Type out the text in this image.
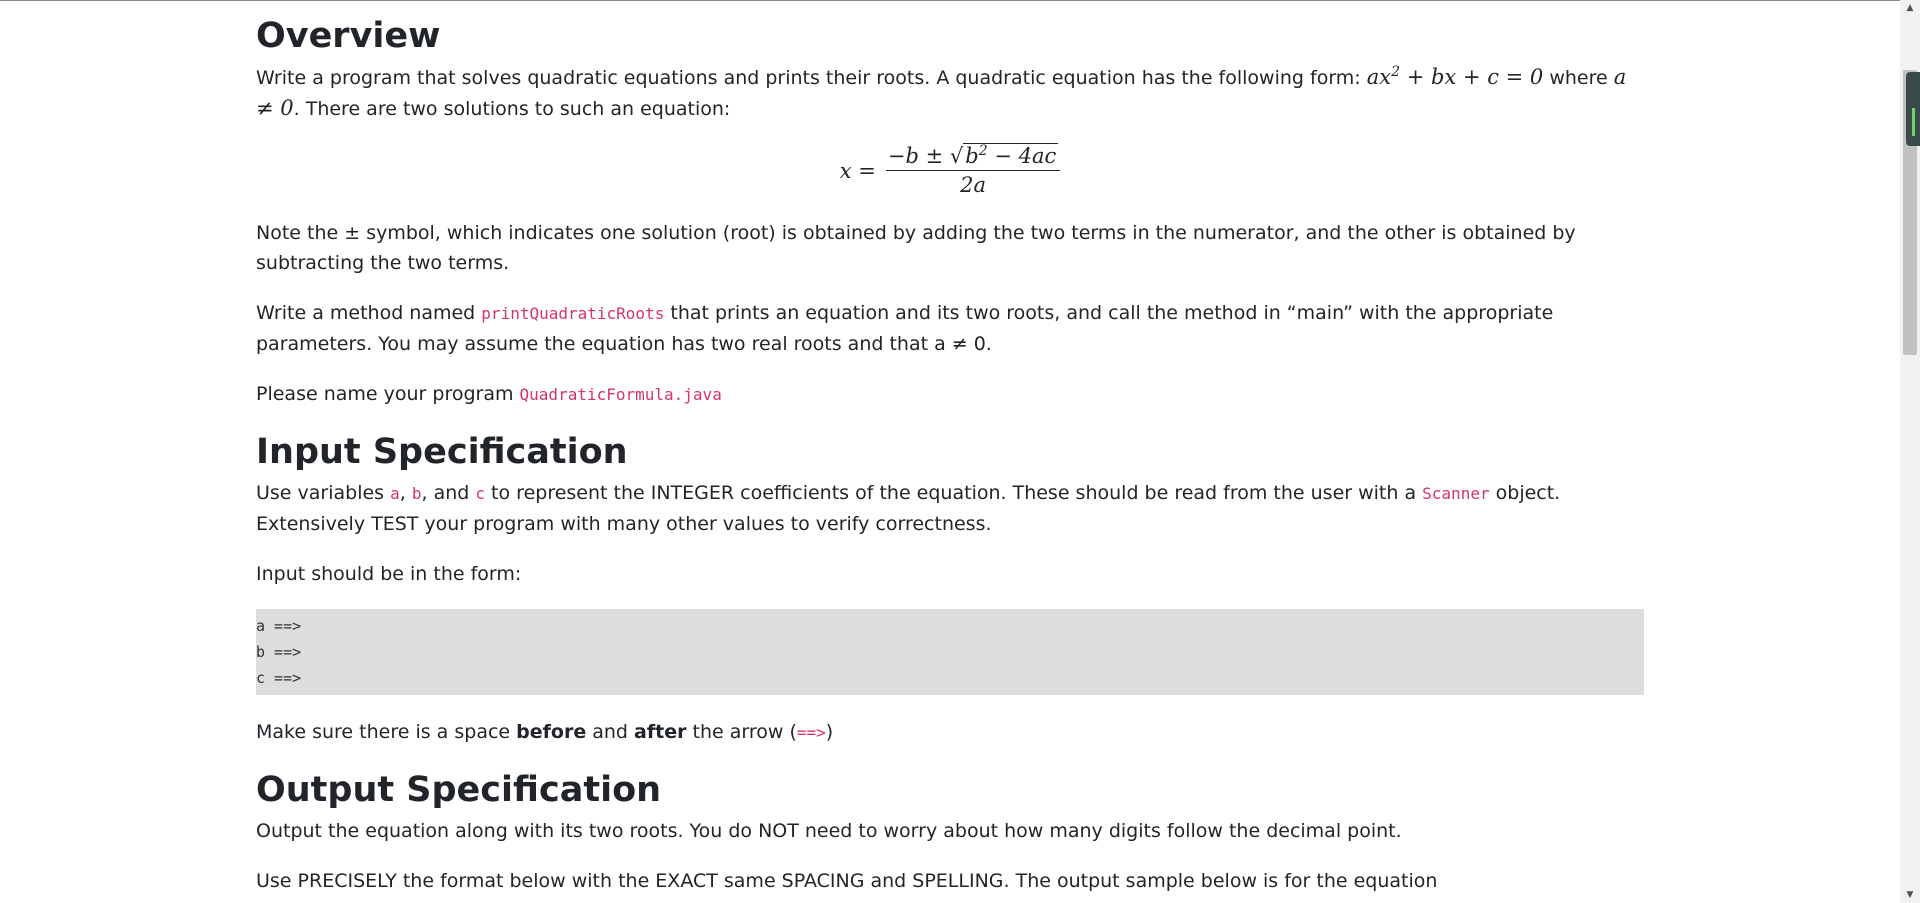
Overview

Write a program that solves quadratic equations and prints their roots. A quadratic equation has the following form: $ax^2$ + bx + c = 0 where a ≠ 0. There are two solutions to such an equation:

$x = \frac{-b \pm √b^2 - 4ac}{2a}$

Note the ± symbol, which indicates one solution (root) is obtained by adding the two terms in the numerator, and the other is obtained by subtracting the two terms.

Write a method named printQuadraticRoots that prints an equation and its two roots, and call the method in “main” with the appropriate parameters. You may assume the equation has two real roots and that a ≠ 0.

Please name your program QuadraticFormula.java

Input Specification

Use variables a, b, and c to represent the INTEGER coefficients of the equation. These should be read from the user with a Scanner object. Extensively TEST your program with many other values to verify correctness.

Input should be in the form:

a ==>
b ==>
c ==>

Make sure there is a space before and after the arrow (==>)

Output Specification

Output the equation along with its two roots. You do NOT need to worry about how many digits follow the decimal point.

Use PRECISELY the format below with the EXACT same SPACING and SPELLING. The output sample below is for the equation

▲
▼
